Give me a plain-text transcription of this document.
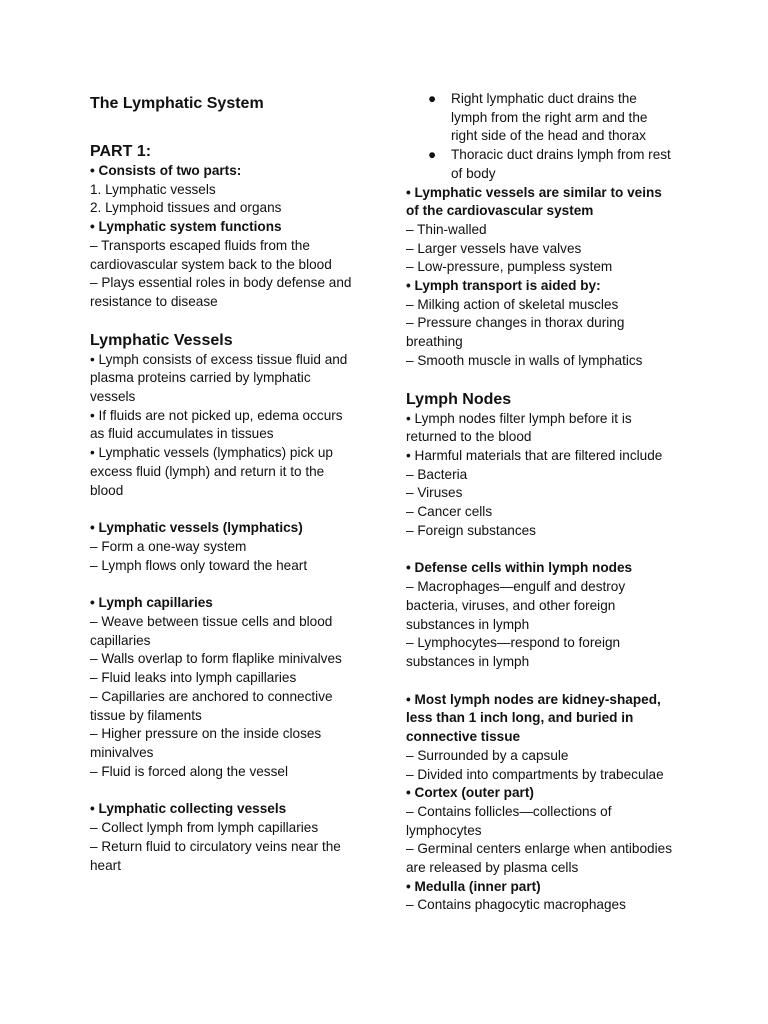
The Lymphatic System
PART 1:
• Consists of two parts:
1. Lymphatic vessels
2. Lymphoid tissues and organs
• Lymphatic system functions
– Transports escaped fluids from the
cardiovascular system back to the blood
– Plays essential roles in body defense and
resistance to disease
Lymphatic Vessels
• Lymph consists of excess tissue fluid and
plasma proteins carried by lymphatic
vessels
• If fluids are not picked up, edema occurs
as fluid accumulates in tissues
• Lymphatic vessels (lymphatics) pick up
excess fluid (lymph) and return it to the
blood
• Lymphatic vessels (lymphatics)
– Form a one-way system
– Lymph flows only toward the heart
• Lymph capillaries
– Weave between tissue cells and blood
capillaries
– Walls overlap to form flaplike minivalves
– Fluid leaks into lymph capillaries
– Capillaries are anchored to connective
tissue by filaments
– Higher pressure on the inside closes
minivalves
– Fluid is forced along the vessel
• Lymphatic collecting vessels
– Collect lymph from lymph capillaries
– Return fluid to circulatory veins near the
heart
● Right lymphatic duct drains the
lymph from the right arm and the
right side of the head and thorax
● Thoracic duct drains lymph from rest
of body
• Lymphatic vessels are similar to veins
of the cardiovascular system
– Thin-walled
– Larger vessels have valves
– Low-pressure, pumpless system
• Lymph transport is aided by:
– Milking action of skeletal muscles
– Pressure changes in thorax during
breathing
– Smooth muscle in walls of lymphatics
Lymph Nodes
• Lymph nodes filter lymph before it is
returned to the blood
• Harmful materials that are filtered include
– Bacteria
– Viruses
– Cancer cells
– Foreign substances
• Defense cells within lymph nodes
– Macrophages—engulf and destroy
bacteria, viruses, and other foreign
substances in lymph
– Lymphocytes—respond to foreign
substances in lymph
• Most lymph nodes are kidney-shaped,
less than 1 inch long, and buried in
connective tissue
– Surrounded by a capsule
– Divided into compartments by trabeculae
• Cortex (outer part)
– Contains follicles—collections of
lymphocytes
– Germinal centers enlarge when antibodies
are released by plasma cells
• Medulla (inner part)
– Contains phagocytic macrophages
